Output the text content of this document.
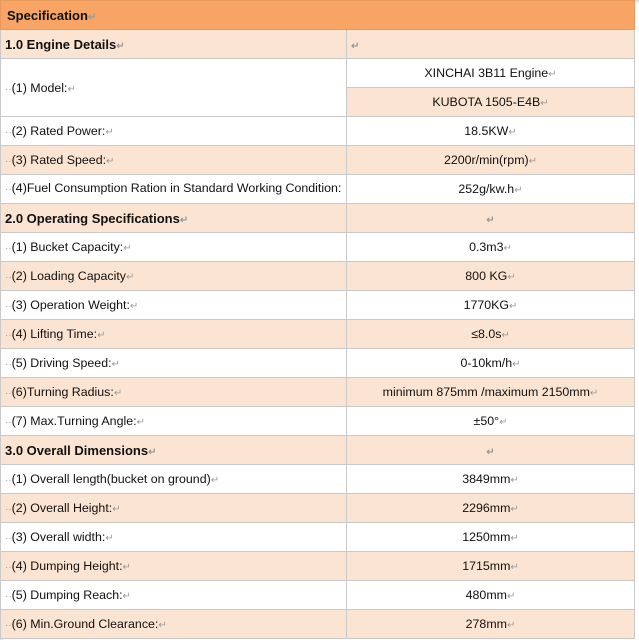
Specification↵	
1.0 Engine Details↵	↵
··(1) Model:↵	XINCHAI 3B11 Engine↵
	KUBOTA 1505-E4B↵
··(2) Rated Power:↵	18.5KW↵
··(3) Rated Speed:↵	2200r/min(rpm)↵
··(4)Fuel Consumption Ration in Standard Working Condition:	252g/kw.h↵
2.0 Operating Specifications↵	↵
··(1) Bucket Capacity:↵	0.3m3↵
··(2) Loading Capacity↵	800 KG↵
··(3) Operation Weight:↵	1770KG↵
··(4) Lifting Time:↵	≤8.0s↵
··(5) Driving Speed:↵	0-10km/h↵
··(6)Turning Radius:↵	minimum 875mm /maximum 2150mm↵
··(7) Max.Turning Angle:↵	±50°↵
3.0 Overall Dimensions↵	↵
··(1) Overall length(bucket on ground)↵	3849mm↵
··(2) Overall Height:↵	2296mm↵
··(3) Overall width:↵	1250mm↵
··(4) Dumping Height:↵	1715mm↵
··(5) Dumping Reach:↵	480mm↵
··(6) Min.Ground Clearance:↵	278mm↵
